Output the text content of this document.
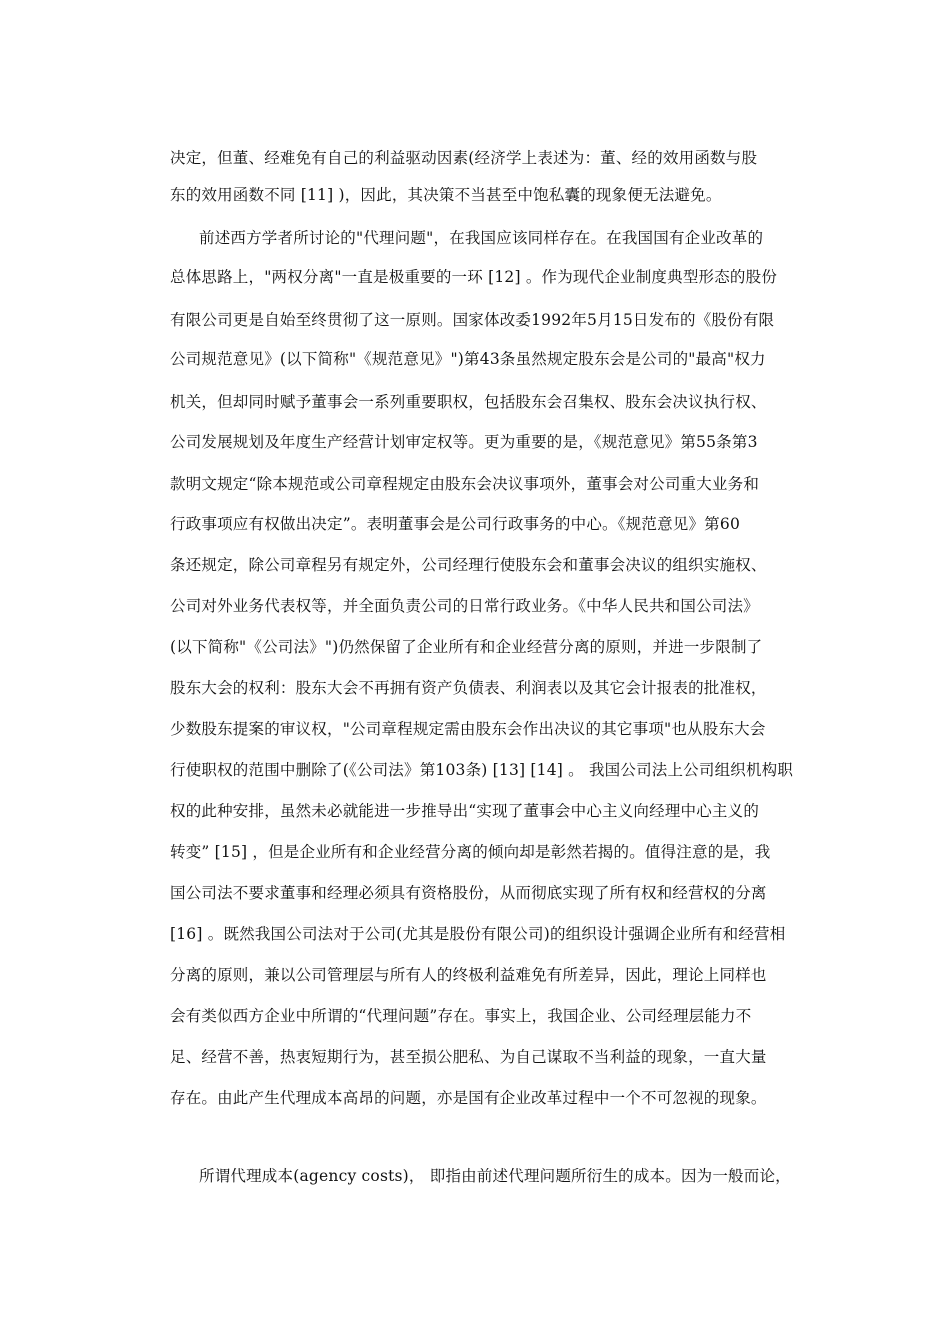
决定，但董、经难免有自己的利益驱动因素(经济学上表述为：董、经的效用函数与股
东的效用函数不同 [11] )，因此，其决策不当甚至中饱私囊的现象便无法避免。
前述西方学者所讨论的"代理问题"，在我国应该同样存在。在我国国有企业改革的
总体思路上，"两权分离"一直是极重要的一环 [12] 。作为现代企业制度典型形态的股份
有限公司更是自始至终贯彻了这一原则。国家体改委1992年5月15日发布的《股份有限
公司规范意见》(以下简称"《规范意见》")第43条虽然规定股东会是公司的"最高"权力
机关，但却同时赋予董事会一系列重要职权，包括股东会召集权、股东会决议执行权、
公司发展规划及年度生产经营计划审定权等。更为重要的是，《规范意见》第55条第3
款明文规定“除本规范或公司章程规定由股东会决议事项外，董事会对公司重大业务和
行政事项应有权做出决定”。表明董事会是公司行政事务的中心。《规范意见》第60
条还规定，除公司章程另有规定外，公司经理行使股东会和董事会决议的组织实施权、
公司对外业务代表权等，并全面负责公司的日常行政业务。《中华人民共和国公司法》
(以下简称"《公司法》")仍然保留了企业所有和企业经营分离的原则，并进一步限制了
股东大会的权利：股东大会不再拥有资产负债表、利润表以及其它会计报表的批准权，
少数股东提案的审议权，"公司章程规定需由股东会作出决议的其它事项"也从股东大会
行使职权的范围中删除了(《公司法》第103条) [13] [14] 。 我国公司法上公司组织机构职
权的此种安排，虽然未必就能进一步推导出“实现了董事会中心主义向经理中心主义的
转变” [15] ，但是企业所有和企业经营分离的倾向却是彰然若揭的。值得注意的是，我
国公司法不要求董事和经理必须具有资格股份，从而彻底实现了所有权和经营权的分离
[16] 。既然我国公司法对于公司(尤其是股份有限公司)的组织设计强调企业所有和经营相
分离的原则，兼以公司管理层与所有人的终极利益难免有所差异，因此，理论上同样也
会有类似西方企业中所谓的“代理问题”存在。事实上，我国企业、公司经理层能力不
足、经营不善，热衷短期行为，甚至损公肥私、为自己谋取不当利益的现象，一直大量
存在。由此产生代理成本高昂的问题，亦是国有企业改革过程中一个不可忽视的现象。
所谓代理成本(agency costs)， 即指由前述代理问题所衍生的成本。因为一般而论，
